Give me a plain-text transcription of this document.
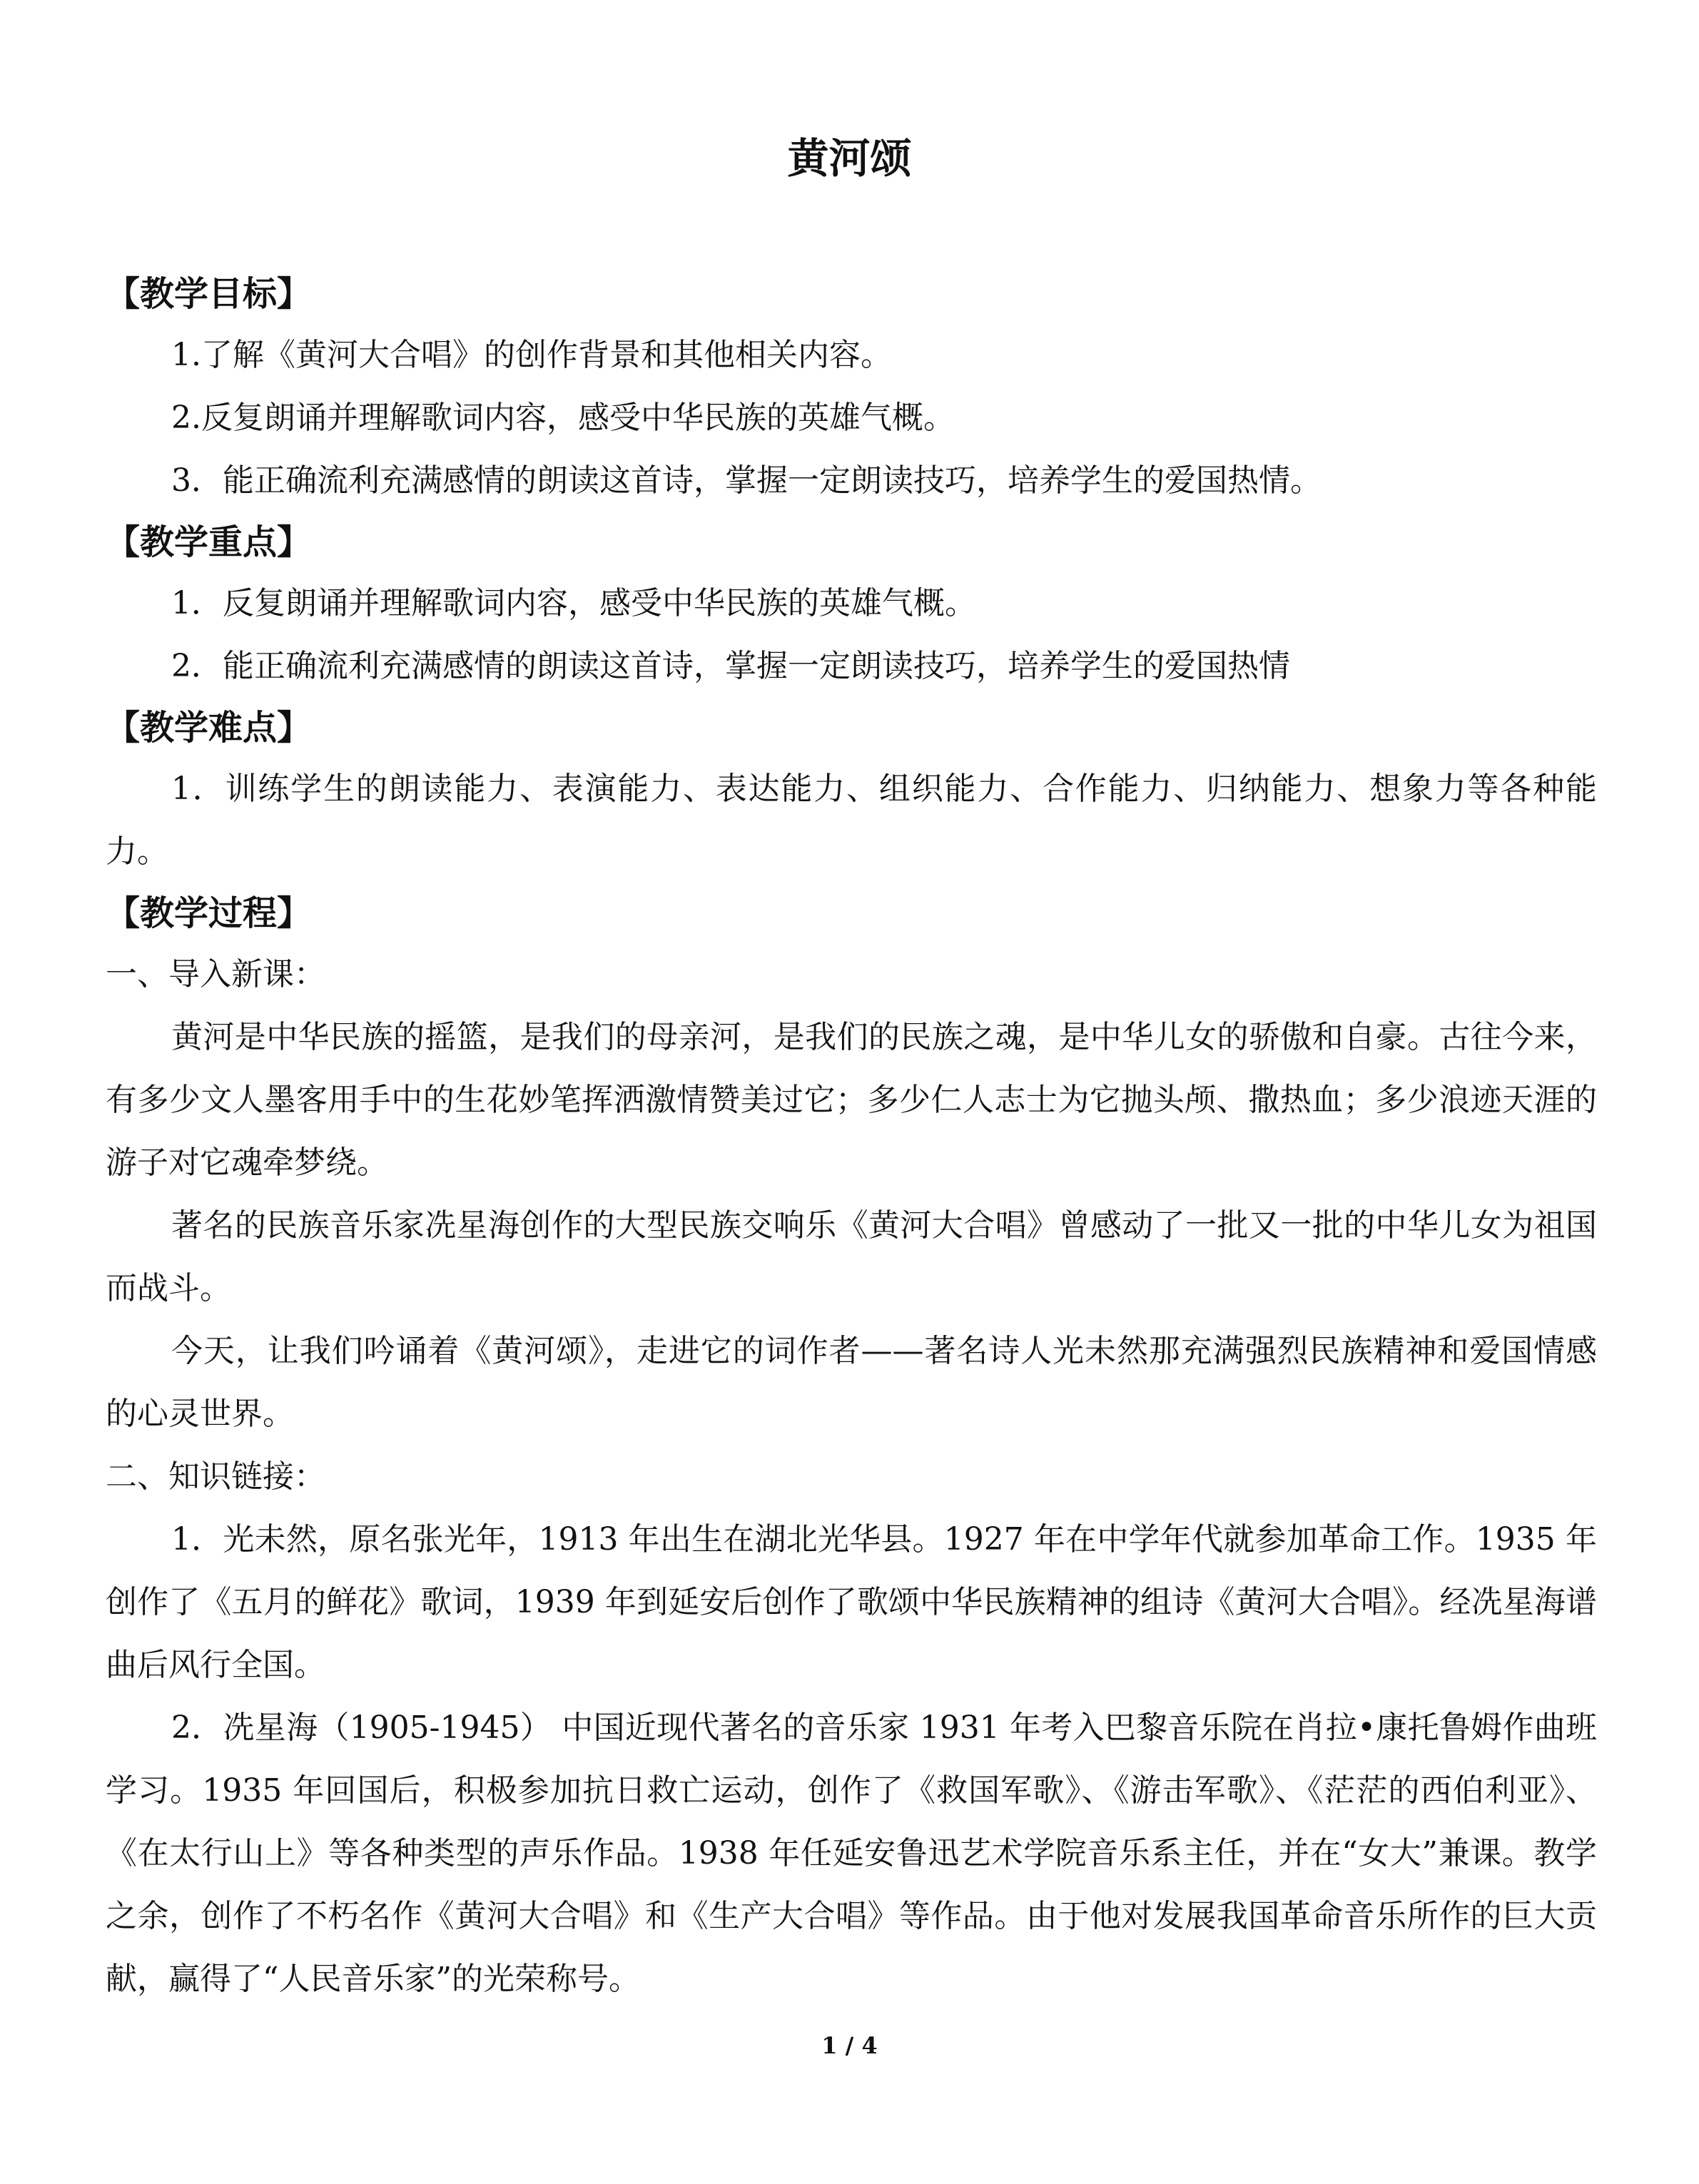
黄河颂
【教学目标】

1.了解《黄河大合唱》的创作背景和其他相关内容。

2.反复朗诵并理解歌词内容，感受中华民族的英雄气概。

3．能正确流利充满感情的朗读这首诗，掌握一定朗读技巧，培养学生的爱国热情。

【教学重点】

1．反复朗诵并理解歌词内容，感受中华民族的英雄气概。

2．能正确流利充满感情的朗读这首诗，掌握一定朗读技巧，培养学生的爱国热情

【教学难点】

1．训练学生的朗读能力、表演能力、表达能力、组织能力、合作能力、归纳能力、想象力等各种能力。

【教学过程】

一、导入新课：

黄河是中华民族的摇篮，是我们的母亲河，是我们的民族之魂，是中华儿女的骄傲和自豪。古往今来，有多少文人墨客用手中的生花妙笔挥洒激情赞美过它；多少仁人志士为它抛头颅、撒热血；多少浪迹天涯的游子对它魂牵梦绕。

著名的民族音乐家冼星海创作的大型民族交响乐《黄河大合唱》曾感动了一批又一批的中华儿女为祖国而战斗。

今天，让我们吟诵着《黄河颂》，走进它的词作者——著名诗人光未然那充满强烈民族精神和爱国情感的心灵世界。

二、知识链接：

1．光未然，原名张光年，1913 年出生在湖北光华县。1927 年在中学年代就参加革命工作。1935 年创作了《五月的鲜花》歌词，1939 年到延安后创作了歌颂中华民族精神的组诗《黄河大合唱》。经冼星海谱曲后风行全国。

2．冼星海（1905-1945） 中国近现代著名的音乐家 1931 年考入巴黎音乐院在肖拉•康托鲁姆作曲班学习。1935 年回国后，积极参加抗日救亡运动，创作了《救国军歌》、《游击军歌》、《茫茫的西伯利亚》、《在太行山上》等各种类型的声乐作品。1938 年任延安鲁迅艺术学院音乐系主任，并在“女大”兼课。教学之余，创作了不朽名作《黄河大合唱》和《生产大合唱》等作品。由于他对发展我国革命音乐所作的巨大贡献，赢得了“人民音乐家”的光荣称号。

1 / 4
